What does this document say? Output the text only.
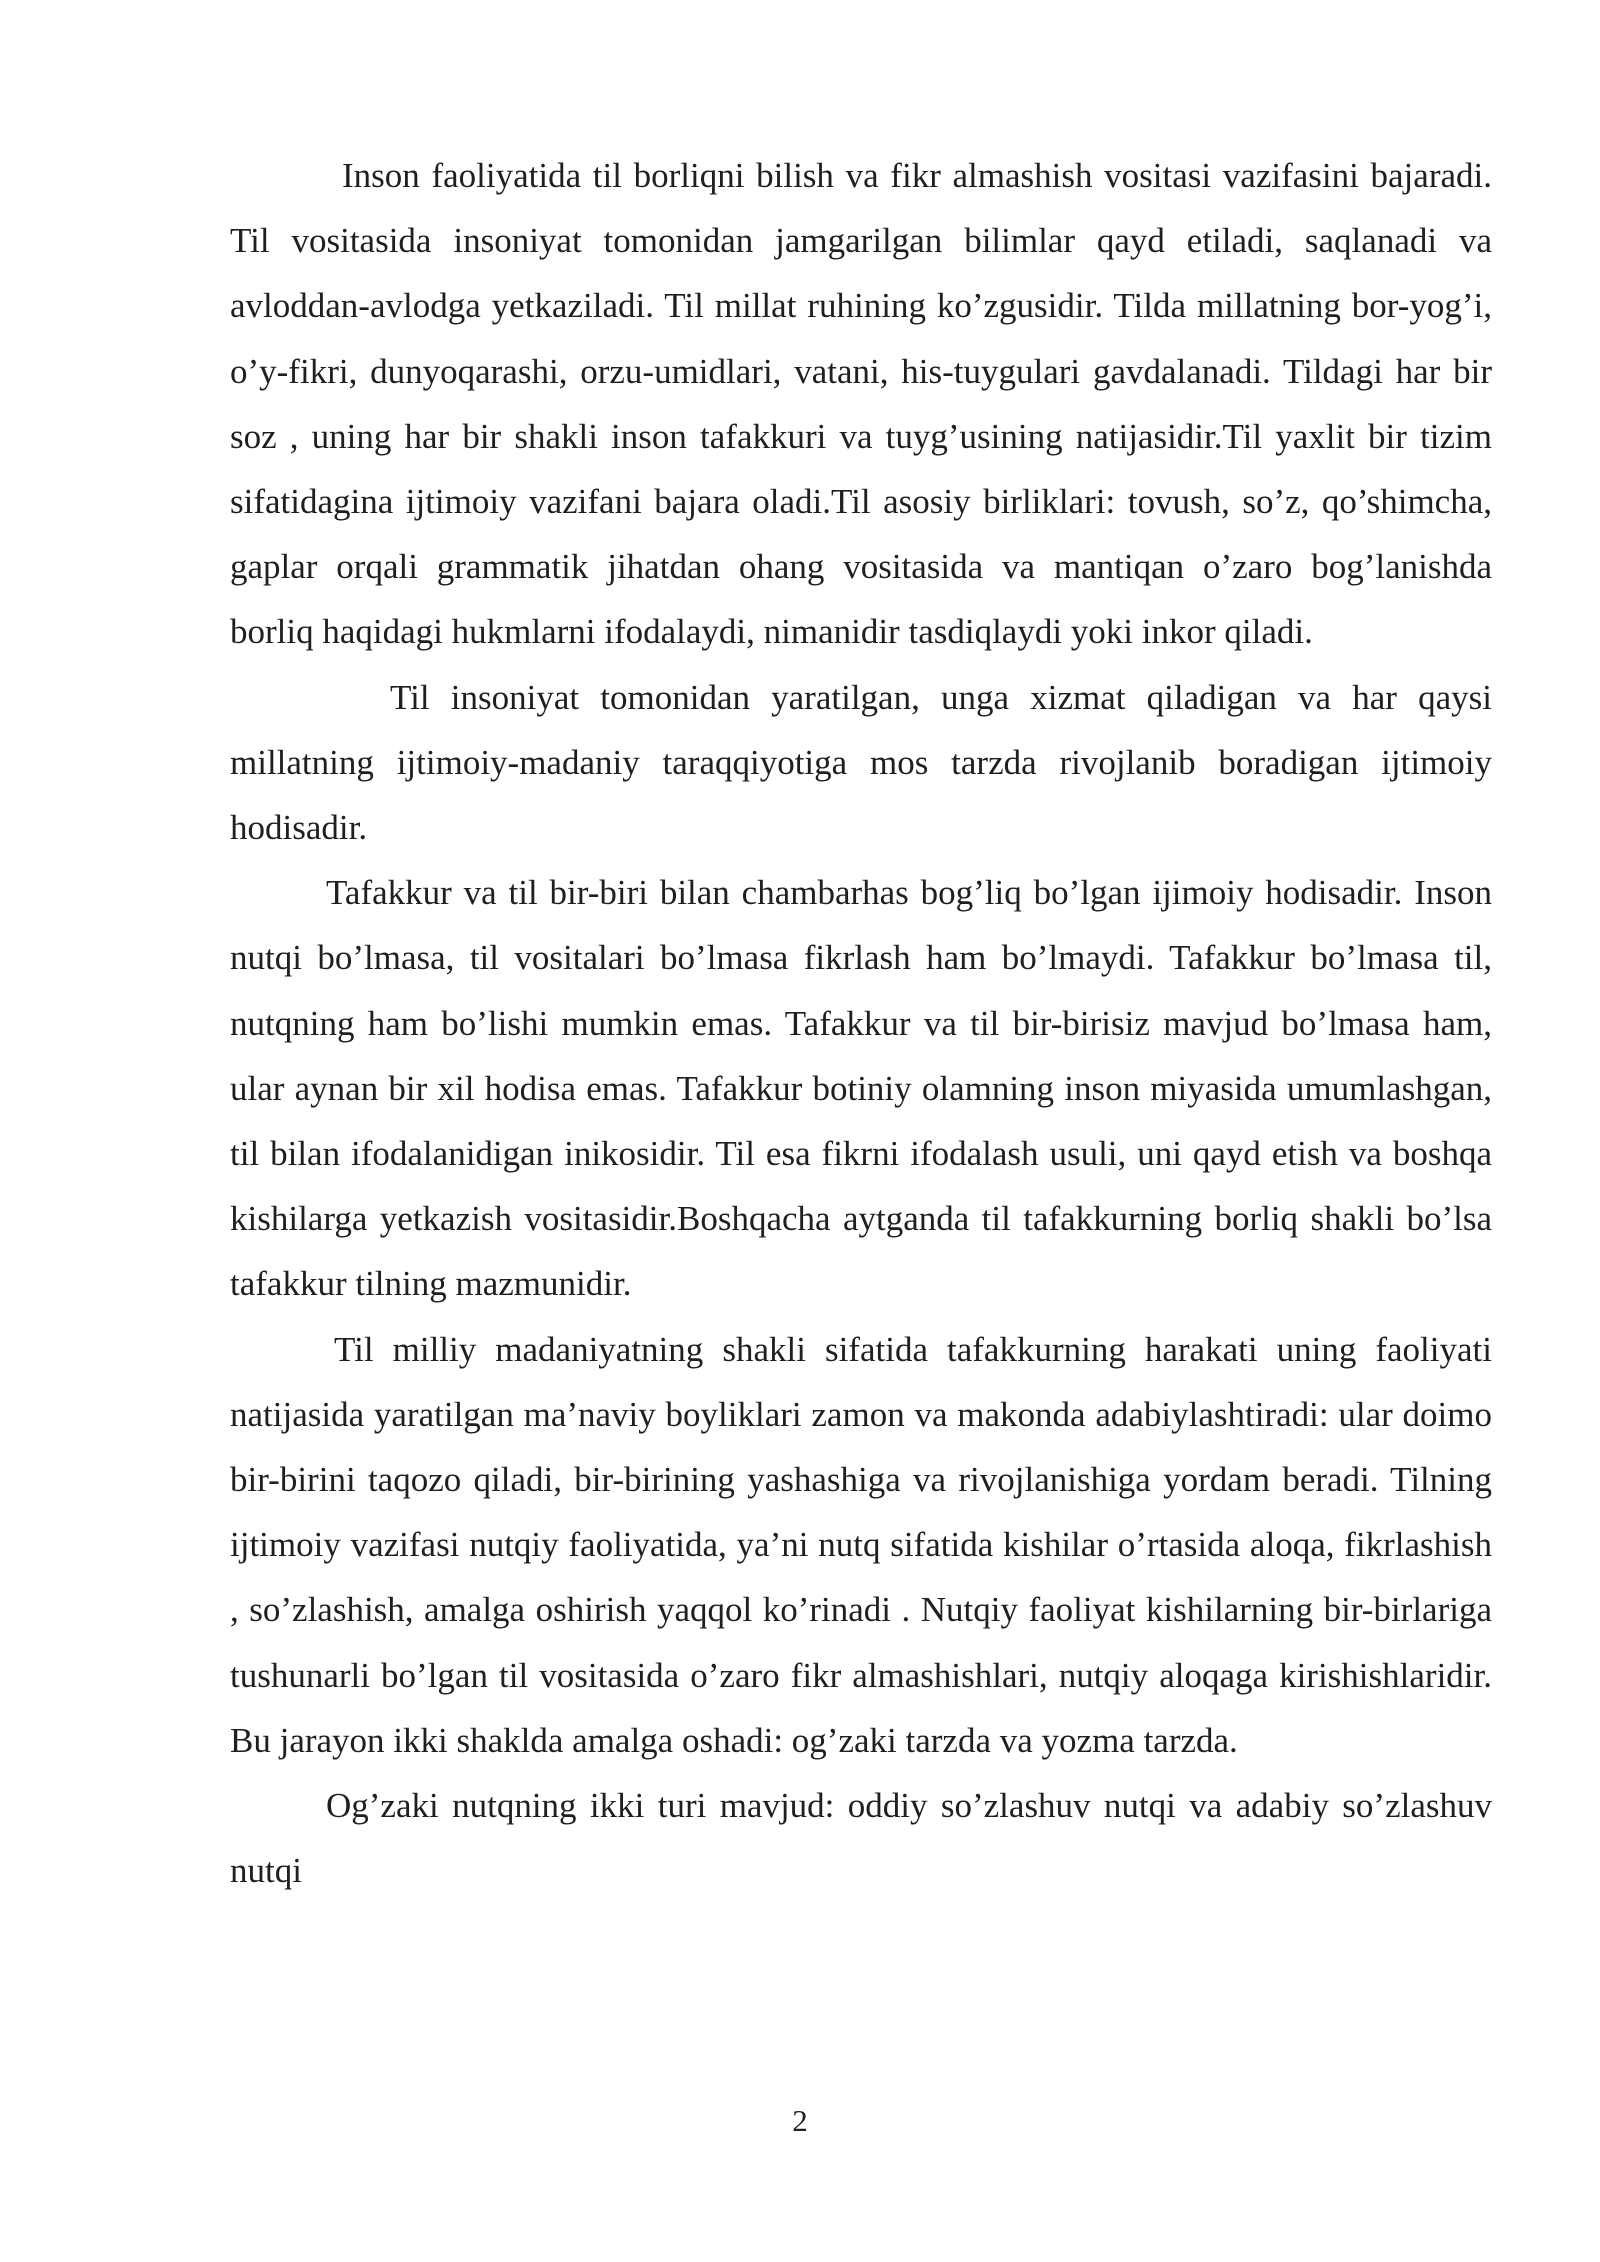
Inson faoliyatida til borliqni bilish va fikr almashish vositasi vazifasini bajaradi. Til vositasida insoniyat tomonidan jamgarilgan bilimlar qayd etiladi, saqlanadi va avloddan-avlodga yetkaziladi. Til millat ruhining ko’zgusidir. Tilda millatning bor-yog’i, o’y-fikri, dunyoqarashi, orzu-umidlari, vatani, his-tuygulari gavdalanadi. Tildagi har bir soz , uning har bir shakli inson tafakkuri va tuyg’usining natijasidir.Til yaxlit bir tizim sifatidagina ijtimoiy vazifani bajara oladi.Til asosiy birliklari: tovush, so’z, qo’shimcha, gaplar orqali grammatik jihatdan ohang vositasida va mantiqan o’zaro bog’lanishda borliq haqidagi hukmlarni ifodalaydi, nimanidir tasdiqlaydi yoki inkor qiladi.

Til insoniyat tomonidan yaratilgan, unga xizmat qiladigan va har qaysi millatning ijtimoiy-madaniy taraqqiyotiga mos tarzda rivojlanib boradigan ijtimoiy hodisadir.

Tafakkur va til bir-biri bilan chambarhas bog’liq bo’lgan ijimoiy hodisadir. Inson nutqi bo’lmasa, til vositalari bo’lmasa fikrlash ham bo’lmaydi. Tafakkur bo’lmasa til, nutqning ham bo’lishi mumkin emas. Tafakkur va til bir-birisiz mavjud bo’lmasa ham, ular aynan bir xil hodisa emas. Tafakkur botiniy olamning inson miyasida umumlashgan, til bilan ifodalanidigan inikosidir. Til esa fikrni ifodalash usuli, uni qayd etish va boshqa kishilarga yetkazish vositasidir.Boshqacha aytganda til tafakkurning borliq shakli bo’lsa tafakkur tilning mazmunidir.

Til milliy madaniyatning shakli sifatida tafakkurning harakati uning faoliyati natijasida yaratilgan ma’naviy boyliklari zamon va makonda adabiylashtiradi: ular doimo bir-birini taqozo qiladi, bir-birining yashashiga va rivojlanishiga yordam beradi. Tilning ijtimoiy vazifasi nutqiy faoliyatida, ya’ni nutq sifatida kishilar o’rtasida aloqa, fikrlashish , so’zlashish, amalga oshirish yaqqol ko’rinadi . Nutqiy faoliyat kishilarning bir-birlariga tushunarli bo’lgan til vositasida o’zaro fikr almashishlari, nutqiy aloqaga kirishishlaridir. Bu jarayon ikki shaklda amalga oshadi: og’zaki tarzda va yozma tarzda.

Og’zaki nutqning ikki turi mavjud: oddiy so’zlashuv nutqi va adabiy so’zlashuv nutqi

2
